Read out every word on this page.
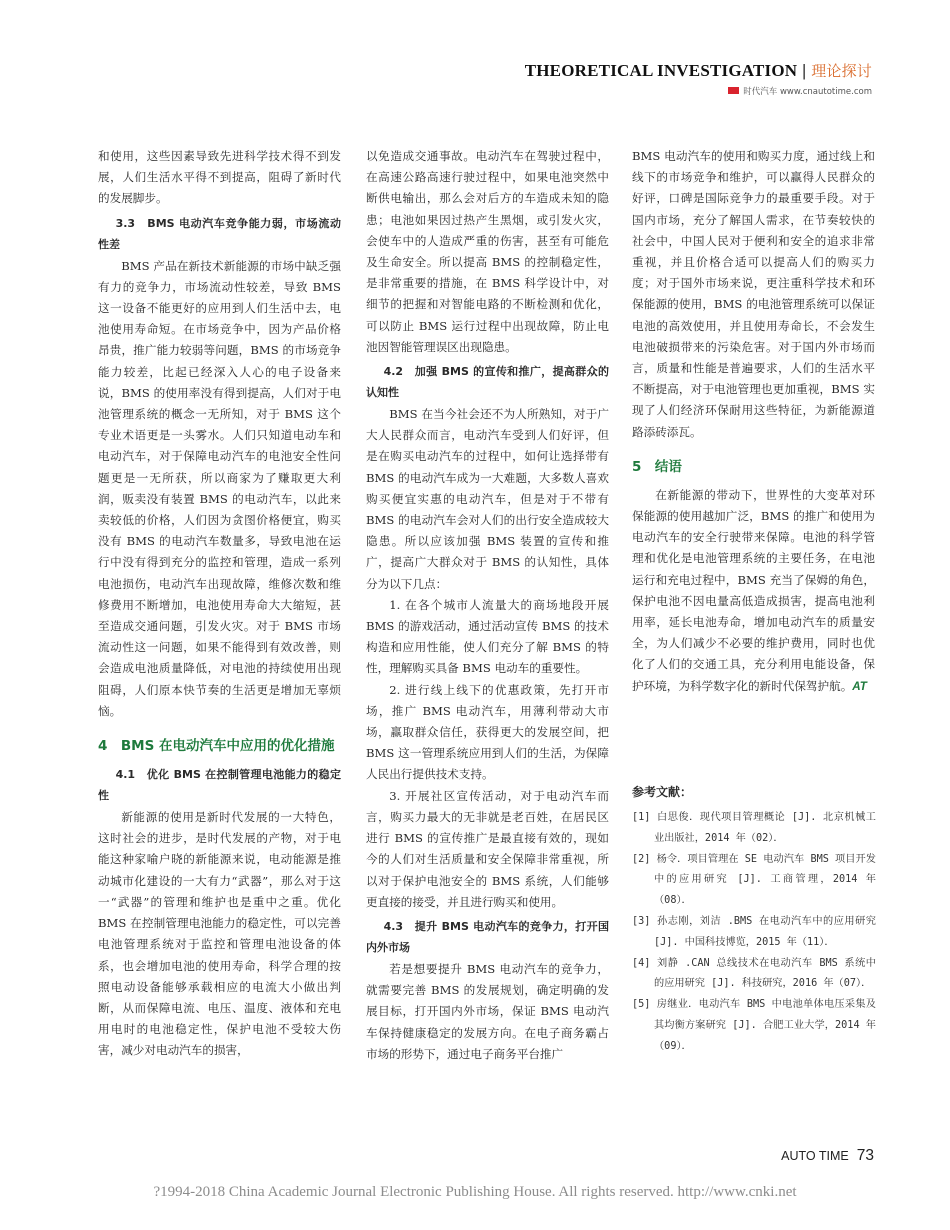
THEORETICAL INVESTIGATION | 理论探讨
时代汽车 www.cnautotime.com

和使用，这些因素导致先进科学技术得不到发展，人们生活水平得不到提高，阻碍了新时代的发展脚步。

3.3　BMS 电动汽车竞争能力弱，市场流动性差

BMS 产品在新技术新能源的市场中缺乏强有力的竞争力，市场流动性较差，导致 BMS 这一设备不能更好的应用到人们生活中去，电池使用寿命短。在市场竞争中，因为产品价格昂贵，推广能力较弱等问题，BMS 的市场竞争能力较差，比起已经深入人心的电子设备来说，BMS 的使用率没有得到提高，人们对于电池管理系统的概念一无所知，对于 BMS 这个专业术语更是一头雾水。人们只知道电动车和电动汽车，对于保障电动汽车的电池安全性问题更是一无所获，所以商家为了赚取更大利润，贩卖没有装置 BMS 的电动汽车，以此来卖较低的价格，人们因为贪图价格便宜，购买没有 BMS 的电动汽车数量多，导致电池在运行中没有得到充分的监控和管理，造成一系列电池损伤，电动汽车出现故障，维修次数和维修费用不断增加，电池使用寿命大大缩短，甚至造成交通问题，引发火灾。对于 BMS 市场流动性这一问题，如果不能得到有效改善，则会造成电池质量降低，对电池的持续使用出现阻碍，人们原本快节奏的生活更是增加无辜烦恼。

4　BMS 在电动汽车中应用的优化措施
4.1　优化 BMS 在控制管理电池能力的稳定性

新能源的使用是新时代发展的一大特色，这时社会的进步，是时代发展的产物，对于电能这种家喻户晓的新能源来说，电动能源是推动城市化建设的一大有力“武器”，那么对于这一“武器”的管理和维护也是重中之重。优化 BMS 在控制管理电池能力的稳定性，可以完善电池管理系统对于监控和管理电池设备的体系，也会增加电池的使用寿命，科学合理的按照电动设备能够承载相应的电流大小做出判断，从而保障电流、电压、温度、液体和充电用电时的电池稳定性，保护电池不受较大伤害，减少对电动汽车的损害，

以免造成交通事故。电动汽车在驾驶过程中，在高速公路高速行驶过程中，如果电池突然中断供电输出，那么会对后方的车造成未知的隐患；电池如果因过热产生黑烟，或引发火灾，会使车中的人造成严重的伤害，甚至有可能危及生命安全。所以提高 BMS 的控制稳定性，是非常重要的措施，在 BMS 科学设计中，对细节的把握和对智能电路的不断检测和优化，可以防止 BMS 运行过程中出现故障，防止电池因智能管理误区出现隐患。

4.2　加强 BMS 的宣传和推广，提高群众的认知性

BMS 在当今社会还不为人所熟知，对于广大人民群众而言，电动汽车受到人们好评，但是在购买电动汽车的过程中，如何让选择带有 BMS 的电动汽车成为一大难题，大多数人喜欢购买便宜实惠的电动汽车，但是对于不带有 BMS 的电动汽车会对人们的出行安全造成较大隐患。所以应该加强 BMS 装置的宣传和推广，提高广大群众对于 BMS 的认知性，具体分为以下几点：

1. 在各个城市人流量大的商场地段开展 BMS 的游戏活动，通过活动宣传 BMS 的技术构造和应用性能，使人们充分了解 BMS 的特性，理解购买具备 BMS 电动车的重要性。

2. 进行线上线下的优惠政策，先打开市场，推广 BMS 电动汽车，用薄利带动大市场，赢取群众信任，获得更大的发展空间，把 BMS 这一管理系统应用到人们的生活，为保障人民出行提供技术支持。

3. 开展社区宣传活动，对于电动汽车而言，购买力最大的无非就是老百姓，在居民区进行 BMS 的宣传推广是最直接有效的，现如今的人们对生活质量和安全保障非常重视，所以对于保护电池安全的 BMS 系统，人们能够更直接的接受，并且进行购买和使用。

4.3　提升 BMS 电动汽车的竞争力，打开国内外市场

若是想要提升 BMS 电动汽车的竞争力，就需要完善 BMS 的发展规划，确定明确的发展目标，打开国内外市场，保证 BMS 电动汽车保持健康稳定的发展方向。在电子商务霸占市场的形势下，通过电子商务平台推广

BMS 电动汽车的使用和购买力度，通过线上和线下的市场竞争和维护，可以赢得人民群众的好评，口碑是国际竞争力的最重要手段。对于国内市场，充分了解国人需求，在节奏较快的社会中，中国人民对于便利和安全的追求非常重视，并且价格合适可以提高人们的购买力度；对于国外市场来说，更注重科学技术和环保能源的使用，BMS 的电池管理系统可以保证电池的高效使用，并且使用寿命长，不会发生电池破损带来的污染危害。对于国内外市场而言，质量和性能是普遍要求，人们的生活水平不断提高，对于电池管理也更加重视，BMS 实现了人们经济环保耐用这些特征，为新能源道路添砖添瓦。

5　结语

在新能源的带动下，世界性的大变革对环保能源的使用越加广泛，BMS 的推广和使用为电动汽车的安全行驶带来保障。电池的科学管理和优化是电池管理系统的主要任务，在电池运行和充电过程中，BMS 充当了保姆的角色，保护电池不因电量高低造成损害，提高电池利用率，延长电池寿命，增加电动汽车的质量安全，为人们减少不必要的维护费用，同时也优化了人们的交通工具，充分利用电能设备，保护环境，为科学数字化的新时代保驾护航。AT

参考文献：
[1] 白思俊．现代项目管理概论 [J]. 北京机械工业出版社，2014 年（02）．
[2] 杨令．项目管理在 SE 电动汽车 BMS 项目开发中的应用研究 [J]. 工商管理，2014 年（08）．
[3] 孙志刚，刘洁 .BMS 在电动汽车中的应用研究 [J]. 中国科技博览，2015 年（11）．
[4] 刘静 .CAN 总线技术在电动汽车 BMS 系统中的应用研究 [J]. 科技研究，2016 年（07）．
[5] 房继业．电动汽车 BMS 中电池单体电压采集及其均衡方案研究 [J]. 合肥工业大学，2014 年（09）．
AUTO TIME 73
?1994-2018 China Academic Journal Electronic Publishing House. All rights reserved. http://www.cnki.net
